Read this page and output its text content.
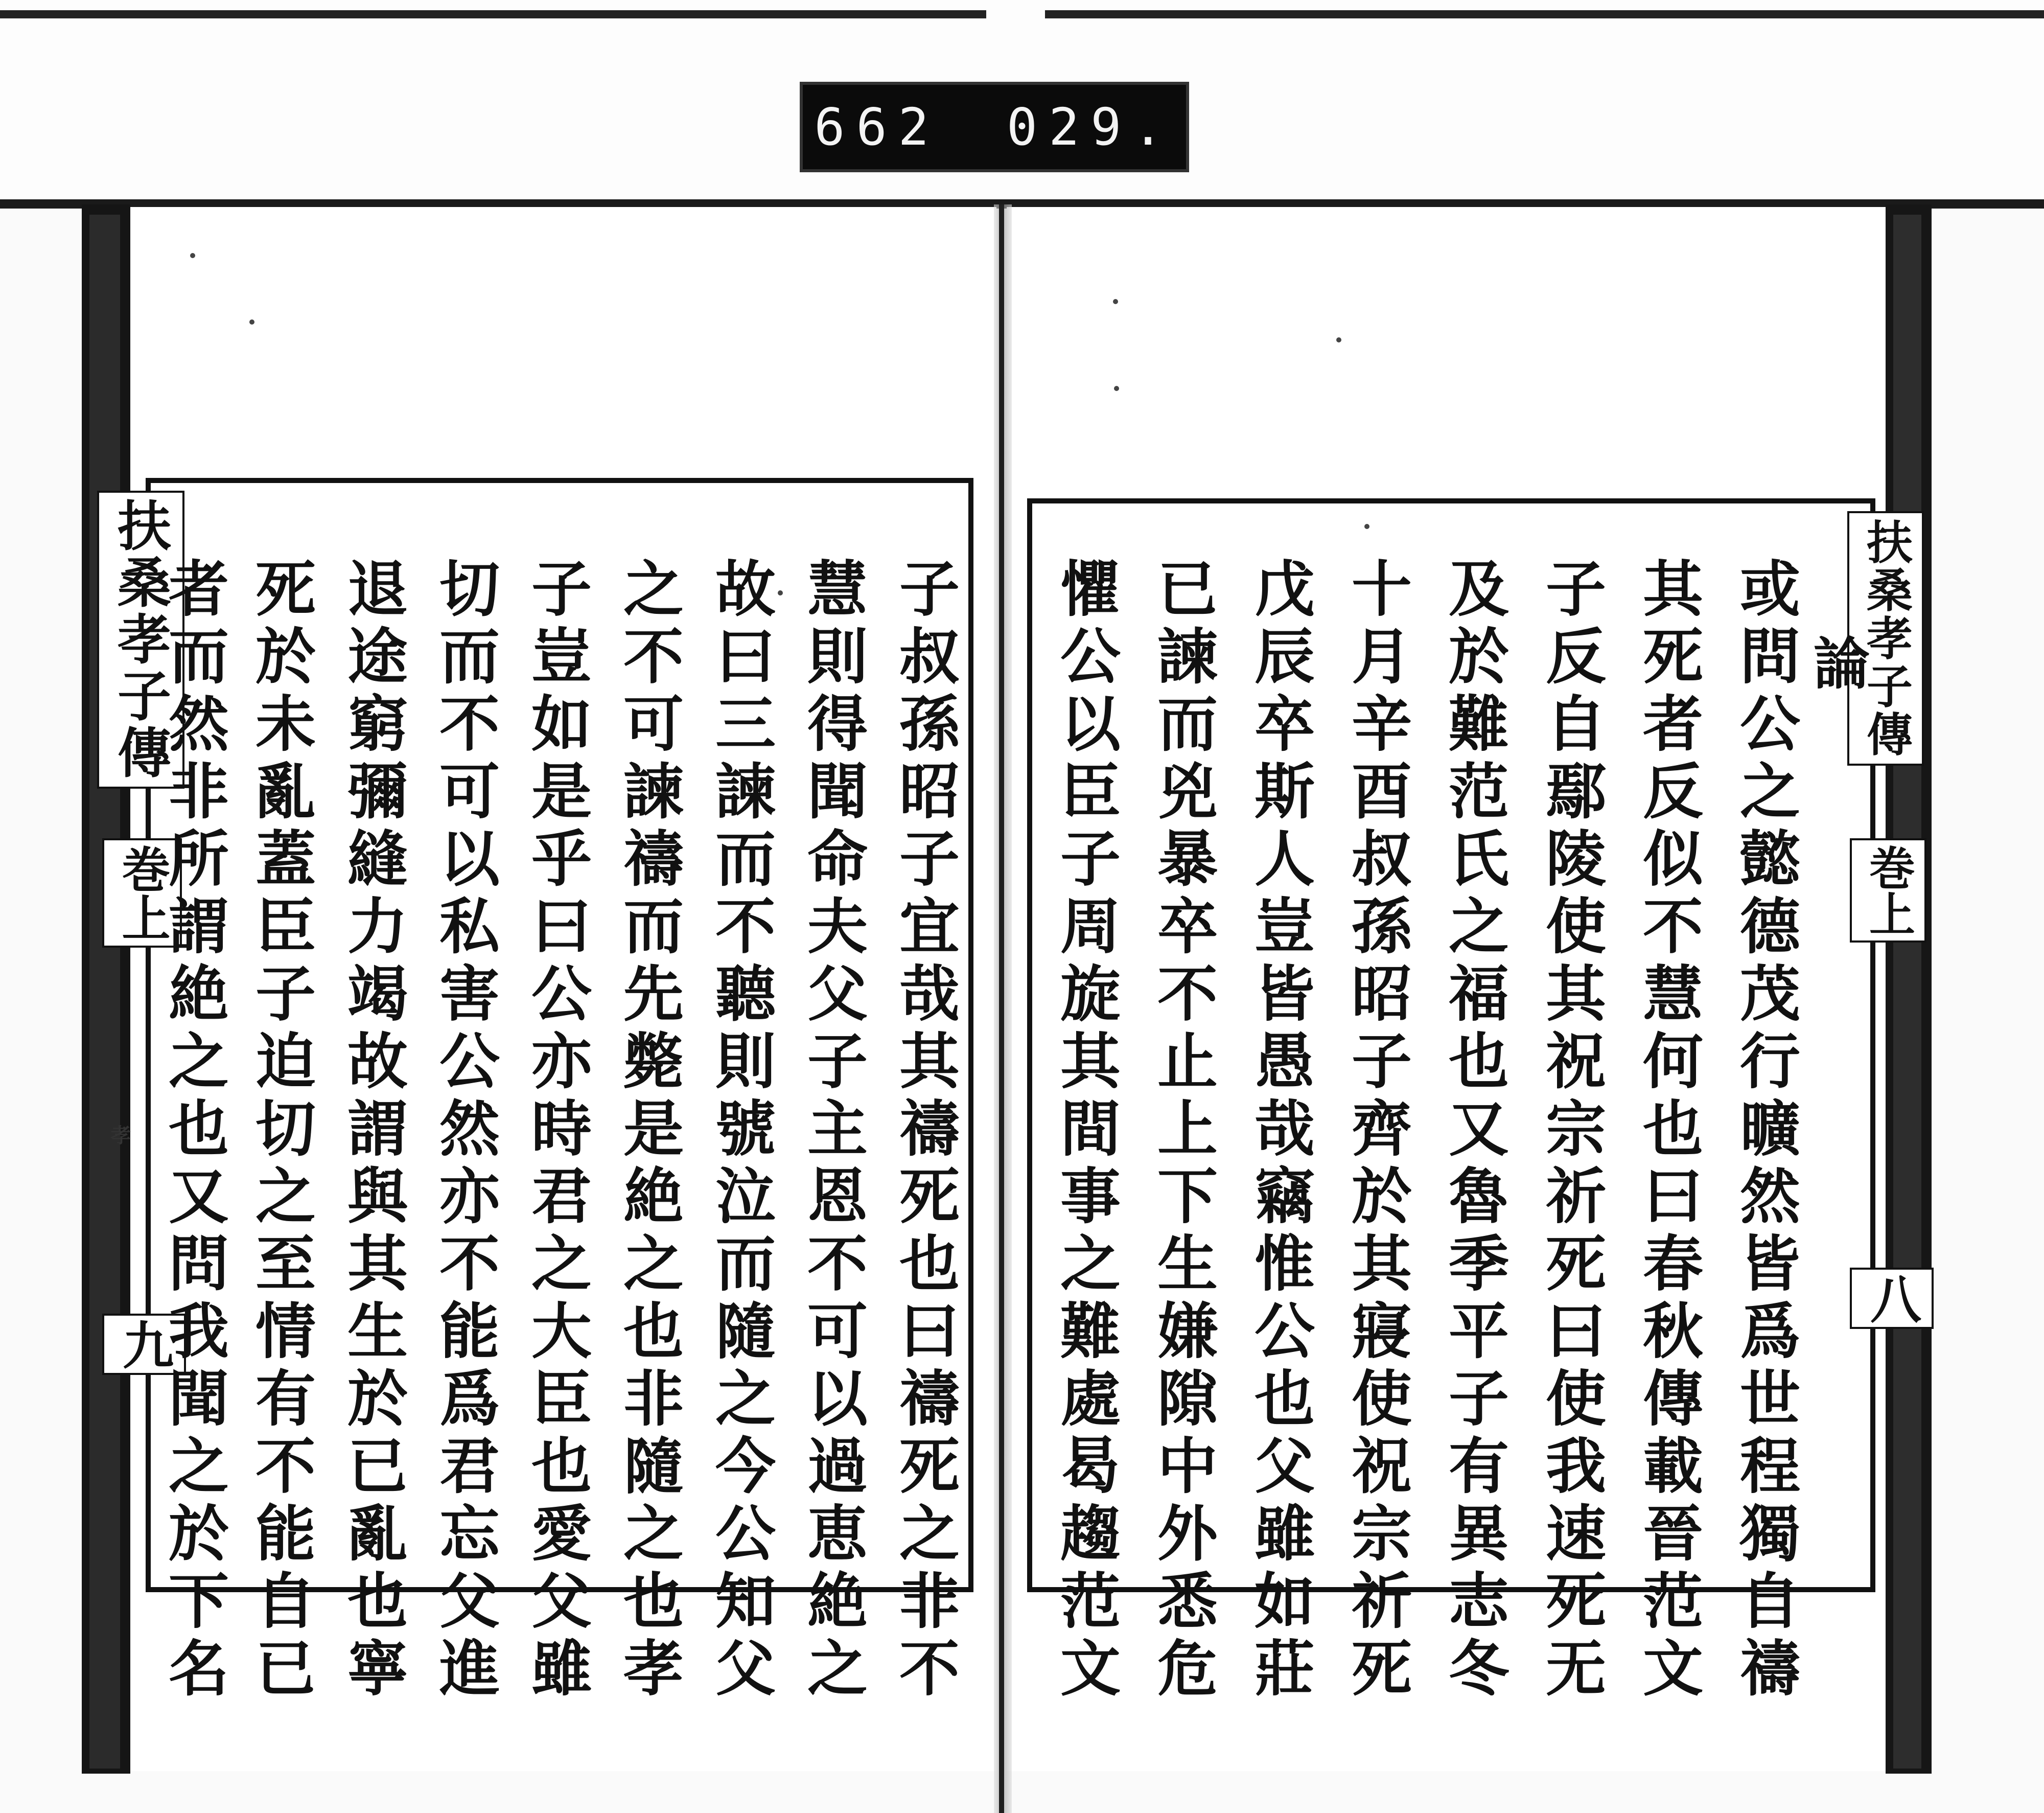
662 029.
扶桑孝子傳
巻上
孝
九
扶桑孝子傳
巻上
八
論
或問公之懿德茂行曠然皆爲世程獨自禱
其死者反似不慧何也曰春秋傳載晉范文
子反自鄢陵使其祝宗祈死曰使我速死无
及於難范氏之福也又魯季平子有異志冬
十月辛酉叔孫昭子齊於其寢使祝宗祈死
戊辰卒斯人豈皆愚哉竊惟公也父雖如莊
已諫而兇暴卒不止上下生嫌隙中外悉危
懼公以臣子周旋其間事之難處曷趨范文
子叔孫昭子宜哉其禱死也曰禱死之非不
慧則得聞命夫父子主恩不可以過恵絶之
故曰三諫而不聽則號泣而隨之今公知父
之不可諫禱而先斃是絶之也非隨之也孝
子豈如是乎曰公亦時君之大臣也愛父雖
切而不可以私害公然亦不能爲君忘父進
退途窮彌縫力竭故謂與其生於已亂也寧
死於未亂蓋臣子迫切之至情有不能自已
者而然非所謂絶之也又問我聞之於下名
